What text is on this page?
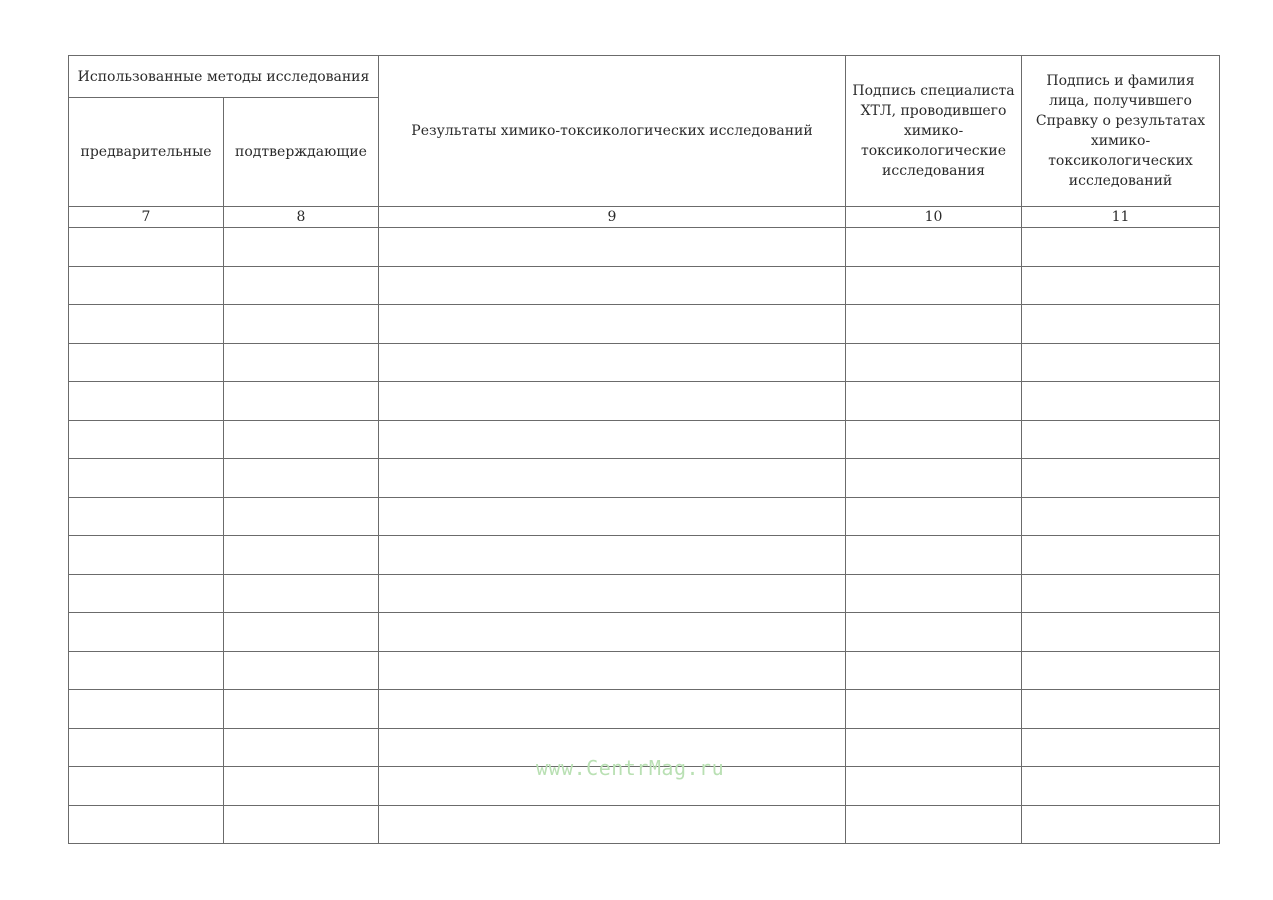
Использованные методы исследования		Результаты химико-токсикологических исследований	Подпись специалиста ХТЛ, проводившего химико-токсикологические исследования	Подпись и фамилия лица, получившего Справку о результатах химико-токсикологических исследований
предварительные	подтверждающие			
7	8	9	10	11

www.CentrMag.ru
